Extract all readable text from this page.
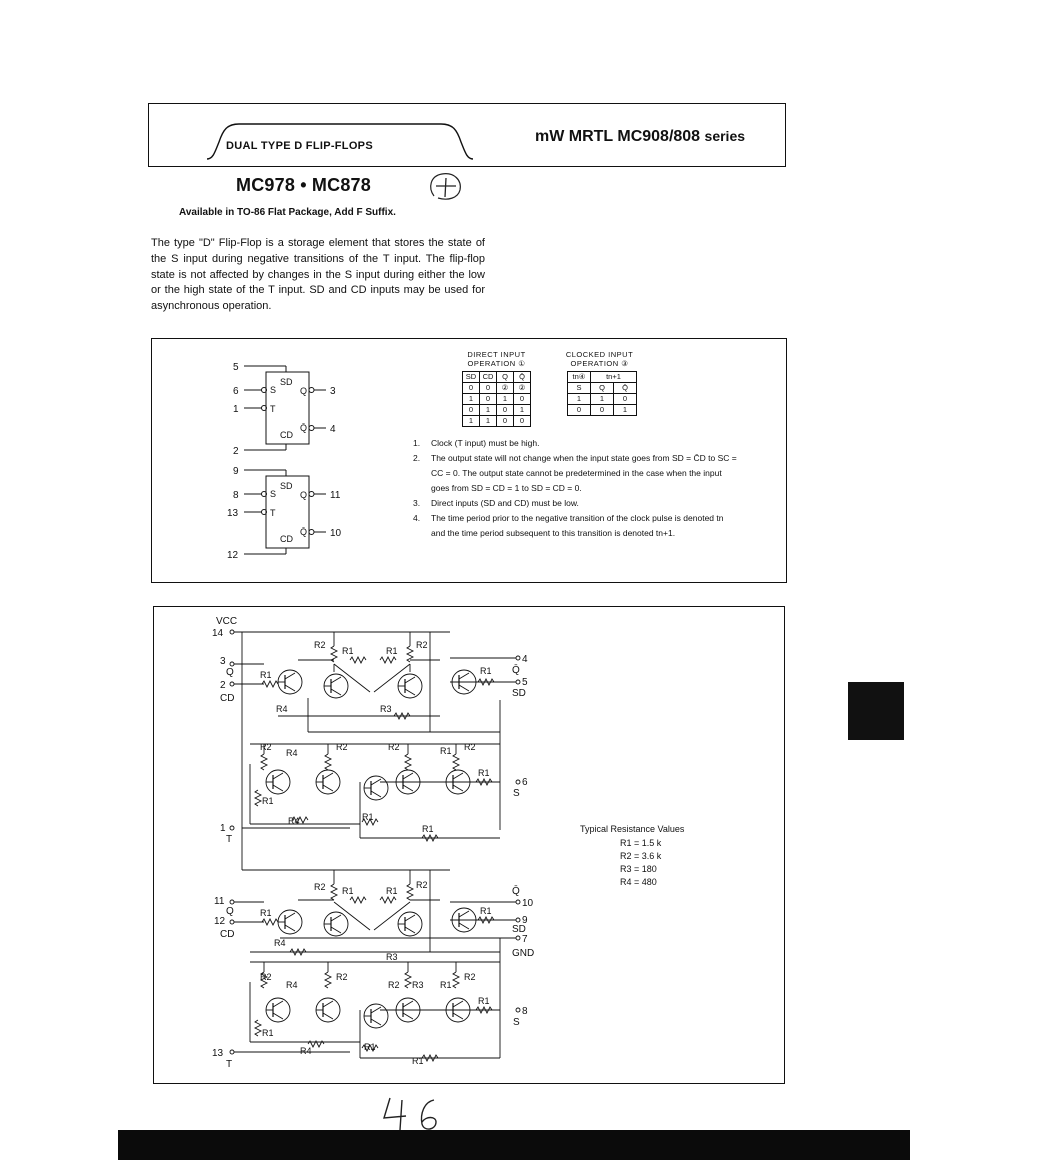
DUAL TYPE D FLIP-FLOPS
mW MRTL MC908/808 series
MC978 • MC878
Available in TO-86 Flat Package, Add F Suffix.
The type "D" Flip-Flop is a storage element that stores the state of the S input during negative transitions of the T input. The flip-flop state is not affected by changes in the S input during either the low or the high state of the T input. SD and CD inputs may be used for asynchronous operation.
5
6
1
2
3
4
SD
S
T
CD
Q
Q̄
9
8
13
12
11
10
SD
S
T
CD
Q
Q̄
DIRECT INPUT
OPERATION ①
SD	CD	Q	Q̄
0	0	②	②
1	0	1	0
0	1	0	1
1	1	0	0
CLOCKED INPUT
OPERATION ③
tn④	tn+1	
S	Q	Q̄
1	1	0
0	0	1
1.	Clock (T input) must be high.
2.	The output state will not change when the input state goes from SD = C̄D to SC = CC = 0. The output state cannot be predetermined in the case when the input goes from SD = CD = 1 to SD = CD = 0.
3.	Direct inputs (SD and CD) must be low.
4.	The time period prior to the negative transition of the clock pulse is denoted tn and the time period subsequent to this transition is denoted tn+1.
VCC
14
3
Q
2
CD
1
T
4
Q̄
5
SD
6
S
11
Q
12
CD
13
T
Q̄
10
9
SD
7
GND
8
S
R2
R1	R1
R2
R1	R1
R4	R3
R2
R4
R2	R2	R1 R2
R1
R1
R4	R1
R1
R2 R1	R1
R2
R1	R1
R4
R3
R2
R4
R2
R2 R3 R1
R2
R1
R1
R4	R1
R1
Typical Resistance Values
R1 = 1.5 k
R2 = 3.6 k
R3 = 180
R4 = 480
46
